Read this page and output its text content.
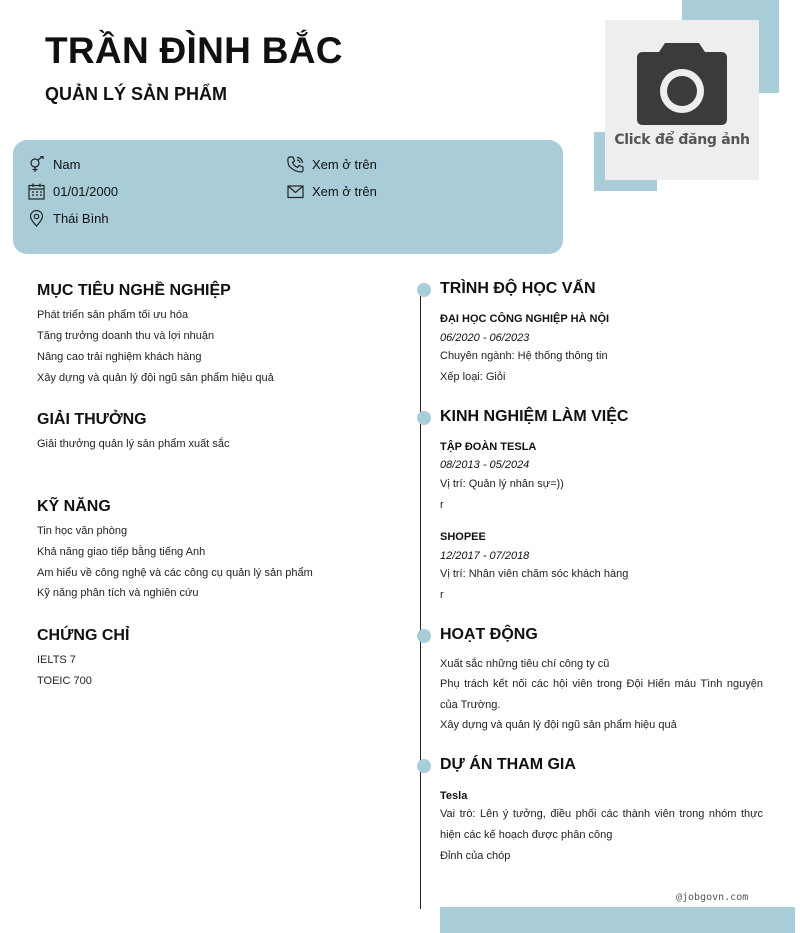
Click để đăng ảnh
TRẦN ĐÌNH BẮC
QUẢN LÝ SẢN PHẨM
Nam
01/01/2000
Thái Bình
Xem ở trên
Xem ở trên
MỤC TIÊU NGHỀ NGHIỆP
Phát triển sản phẩm tối ưu hóa
Tăng trưởng doanh thu và lợi nhuận
Nâng cao trải nghiệm khách hàng
Xây dựng và quản lý đội ngũ sản phẩm hiệu quả
GIẢI THƯỞNG
Giải thưởng quản lý sản phẩm xuất sắc
KỸ NĂNG
Tin học văn phòng
Khả năng giao tiếp bằng tiếng Anh
Am hiểu về công nghệ và các công cụ quản lý sản phẩm
Kỹ năng phân tích và nghiên cứu
CHỨNG CHỈ
IELTS 7
TOEIC 700
TRÌNH ĐỘ HỌC VẤN
ĐẠI HỌC CÔNG NGHIỆP HÀ NỘI
06/2020 - 06/2023
Chuyên ngành: Hệ thống thông tin
Xếp loại: Giỏi
KINH NGHIỆM LÀM VIỆC
TẬP ĐOÀN TESLA
08/2013 - 05/2024
Vị trí: Quản lý nhân sự=))
r
SHOPEE
12/2017 - 07/2018
Vị trí: Nhân viên chăm sóc khách hàng
r
HOẠT ĐỘNG
Xuất sắc những tiêu chí công ty cũ
Phụ trách kết nối các hội viên trong Đội Hiến máu Tình nguyện của Trường.
Xây dựng và quản lý đội ngũ sản phẩm hiệu quả
DỰ ÁN THAM GIA
Tesla
Vai trò: Lên ý tưởng, điều phối các thành viên trong nhóm thực hiện các kế hoạch được phân công
Đỉnh của chóp
@jobgovn.com
